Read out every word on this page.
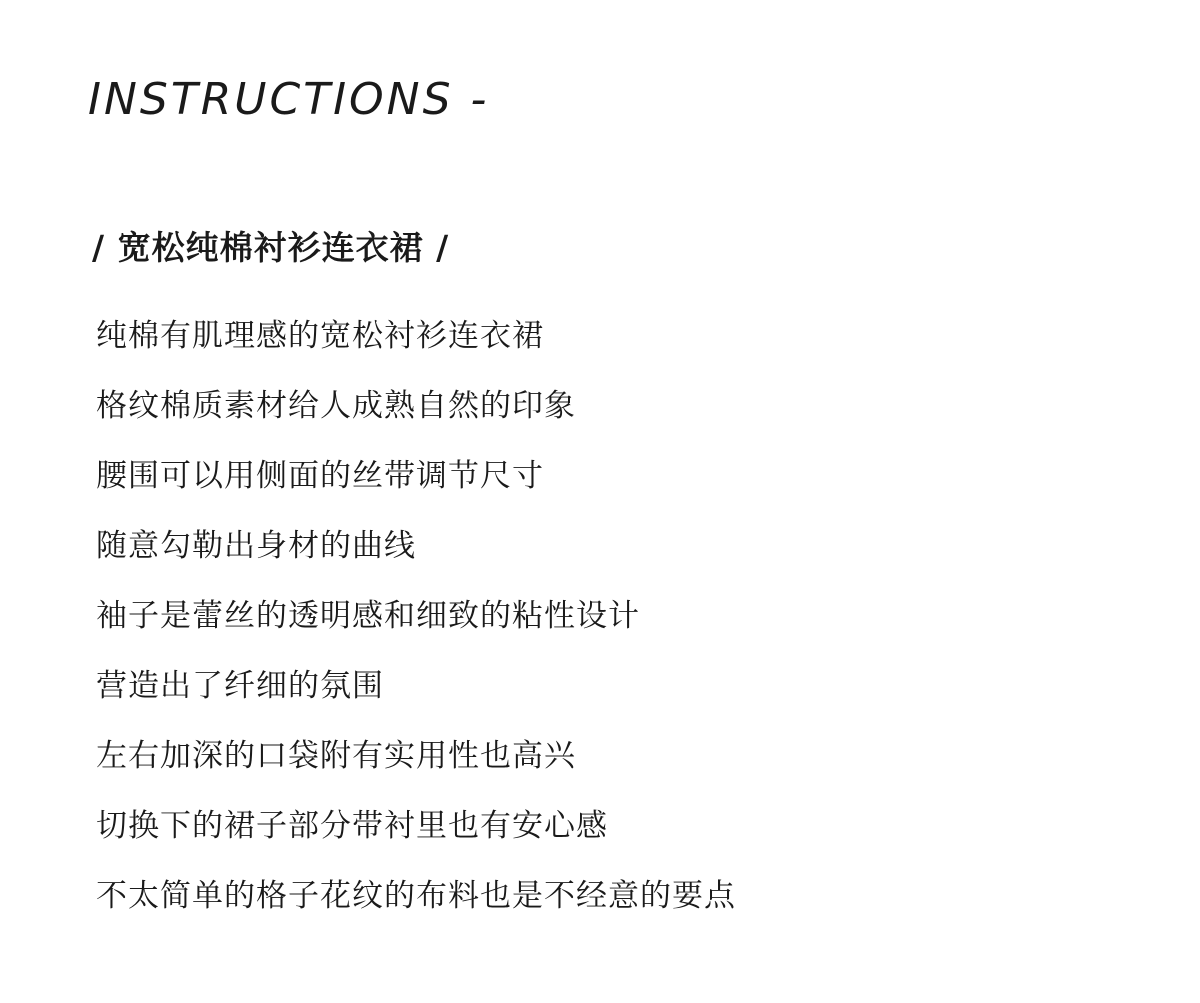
INSTRUCTIONS -
/ 宽松纯棉衬衫连衣裙 /
纯棉有肌理感的宽松衬衫连衣裙
格纹棉质素材给人成熟自然的印象
腰围可以用侧面的丝带调节尺寸
随意勾勒出身材的曲线
袖子是蕾丝的透明感和细致的粘性设计
营造出了纤细的氛围
左右加深的口袋附有实用性也高兴
切换下的裙子部分带衬里也有安心感
不太简单的格子花纹的布料也是不经意的要点
